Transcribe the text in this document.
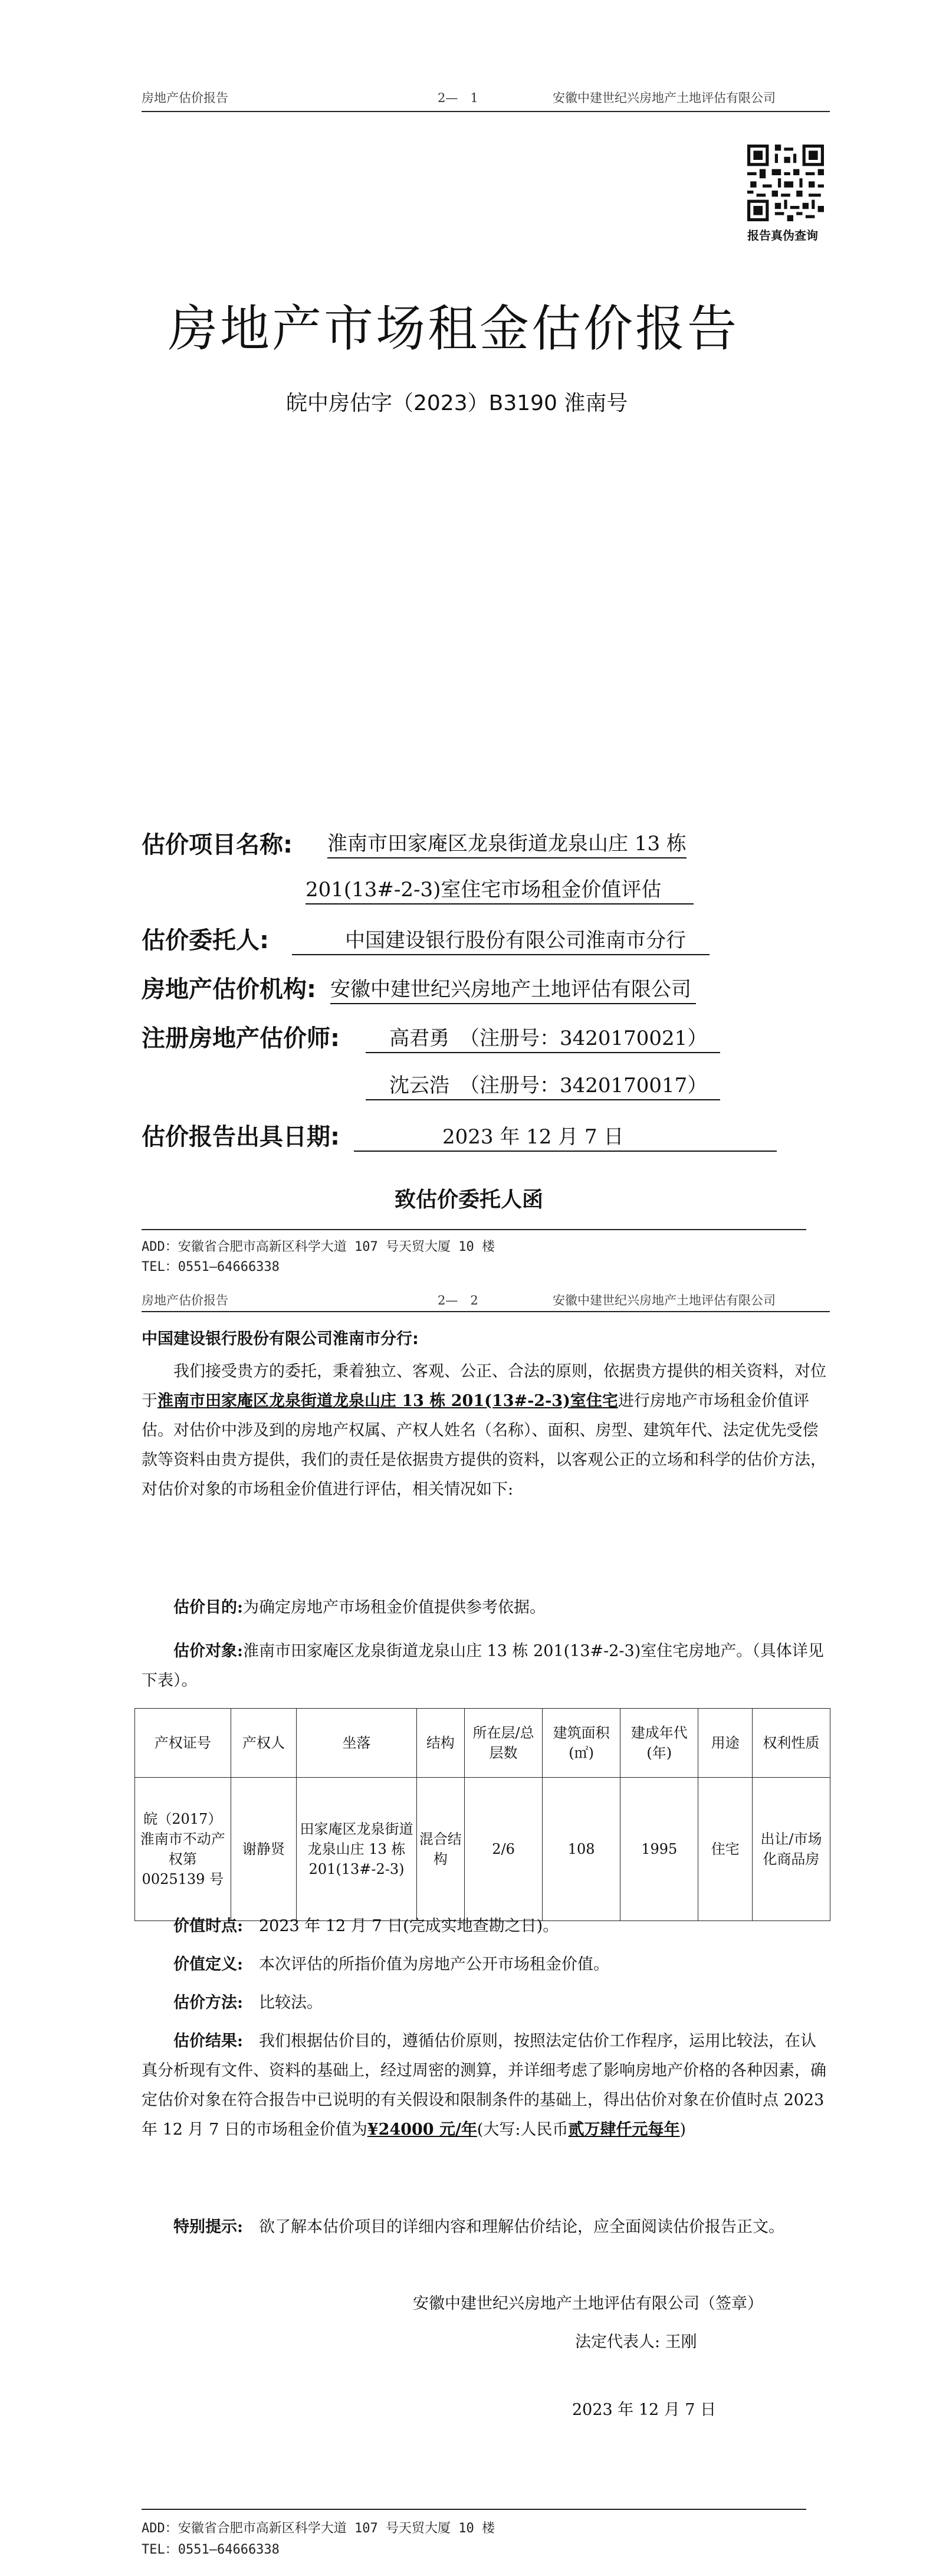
房地产估价报告	2—　1	安徽中建世纪兴房地产土地评估有限公司
报告真伪查询
房地产市场租金估价报告
皖中房估字（2023）B3190 淮南号
估价项目名称: 淮南市田家庵区龙泉街道龙泉山庄 13 栋
201(13#-2-3)室住宅市场租金价值评估
估价委托人:	中国建设银行股份有限公司淮南市分行
房地产估价机构: 安徽中建世纪兴房地产土地评估有限公司
注册房地产估价师:	高君勇　（注册号：3420170021）
沈云浩　（注册号：3420170017）
估价报告出具日期:	2023 年 12 月 7 日
致估价委托人函
ADD：安徽省合肥市高新区科学大道 107 号天贸大厦 10 楼
TEL：0551—64666338
房地产估价报告	2—　2	安徽中建世纪兴房地产土地评估有限公司
中国建设银行股份有限公司淮南市分行:
我们接受贵方的委托，秉着独立、客观、公正、合法的原则，依据贵方提供的相关资料，对位于淮南市田家庵区龙泉街道龙泉山庄 13 栋 201(13#-2-3)室住宅进行房地产市场租金价值评估。对估价中涉及到的房地产权属、产权人姓名（名称）、面积、房型、建筑年代、法定优先受偿款等资料由贵方提供，我们的责任是依据贵方提供的资料，以客观公正的立场和科学的估价方法，对估价对象的市场租金价值进行评估，相关情况如下:
估价目的:为确定房地产市场租金价值提供参考依据。
估价对象:淮南市田家庵区龙泉街道龙泉山庄 13 栋 201(13#-2-3)室住宅房地产。（具体详见下表）。
产权证号	产权人	坐落	结构	所在层/总层数	建筑面积(㎡)	建成年代(年)	用途	权利性质
皖（2017）淮南市不动产权第 0025139 号	谢静贤	田家庵区龙泉街道龙泉山庄 13 栋 201(13#-2-3)	混合结构	2/6	108	1995	住宅	出让/市场化商品房
价值时点:　 2023 年 12 月 7 日(完成实地查勘之日)。
价值定义:　 本次评估的所指价值为房地产公开市场租金价值。
估价方法:　 比较法。
估价结果:　 我们根据估价目的，遵循估价原则，按照法定估价工作程序，运用比较法，在认真分析现有文件、资料的基础上，经过周密的测算，并详细考虑了影响房地产价格的各种因素，确定估价对象在符合报告中已说明的有关假设和限制条件的基础上，得出估价对象在价值时点 2023 年 12 月 7 日的市场租金价值为¥24000 元/年(大写:人民币贰万肆仟元每年)
特别提示:　 欲了解本估价项目的详细内容和理解估价结论，应全面阅读估价报告正文。
安徽中建世纪兴房地产土地评估有限公司（签章）
法定代表人: 王刚
2023 年 12 月 7 日
ADD：安徽省合肥市高新区科学大道 107 号天贸大厦 10 楼
TEL：0551—64666338
